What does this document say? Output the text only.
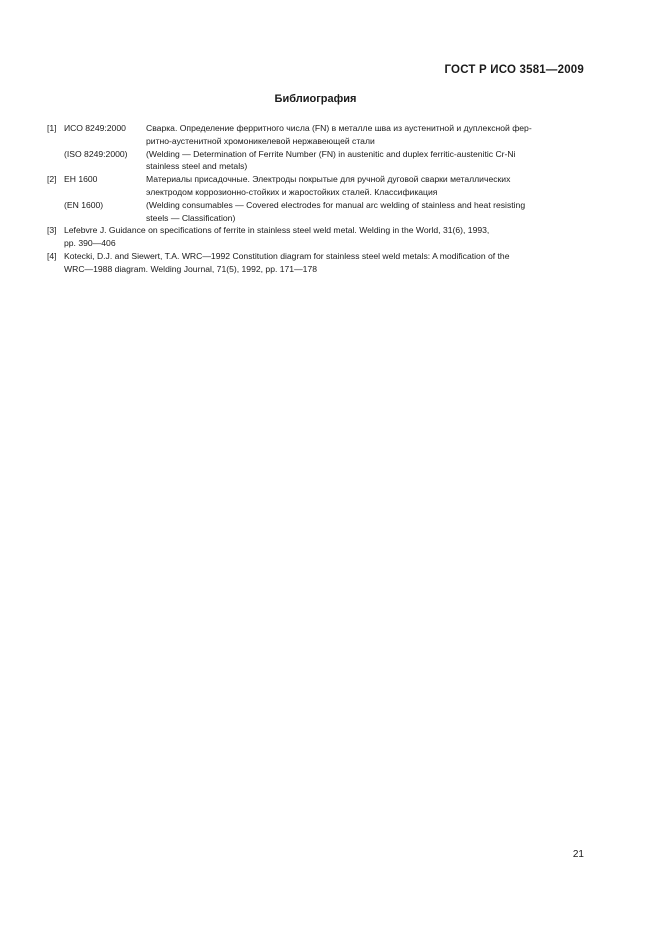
ГОСТ Р ИСО 3581—2009
Библиография
[1] ИСО 8249:2000	Сварка. Определение ферритного числа (FN) в металле шва из аустенитной и дуплексной фер-
ритно-аустенитной хромоникелевой нержавеющей стали
(ISO 8249:2000)	(Welding — Determination of Ferrite Number (FN) in austenitic and duplex ferritic-austenitic Cr-Ni
stainless steel and metals)
[2] ЕН 1600	Материалы присадочные. Электроды покрытые для ручной дуговой сварки металлических
электродом коррозионно-стойких и жаростойких сталей. Классификация
(EN 1600)	(Welding consumables — Covered electrodes for manual arc welding of stainless and heat resisting
steels — Classification)
[3] Lefebvre J. Guidance on specifications of ferrite in stainless steel weld metal. Welding in the World, 31(6), 1993,
pp. 390—406
[4] Kotecki, D.J. and Siewert, T.A. WRC—1992 Constitution diagram for stainless steel weld metals: A modification of the
WRC—1988 diagram. Welding Journal, 71(5), 1992, pp. 171—178
21
